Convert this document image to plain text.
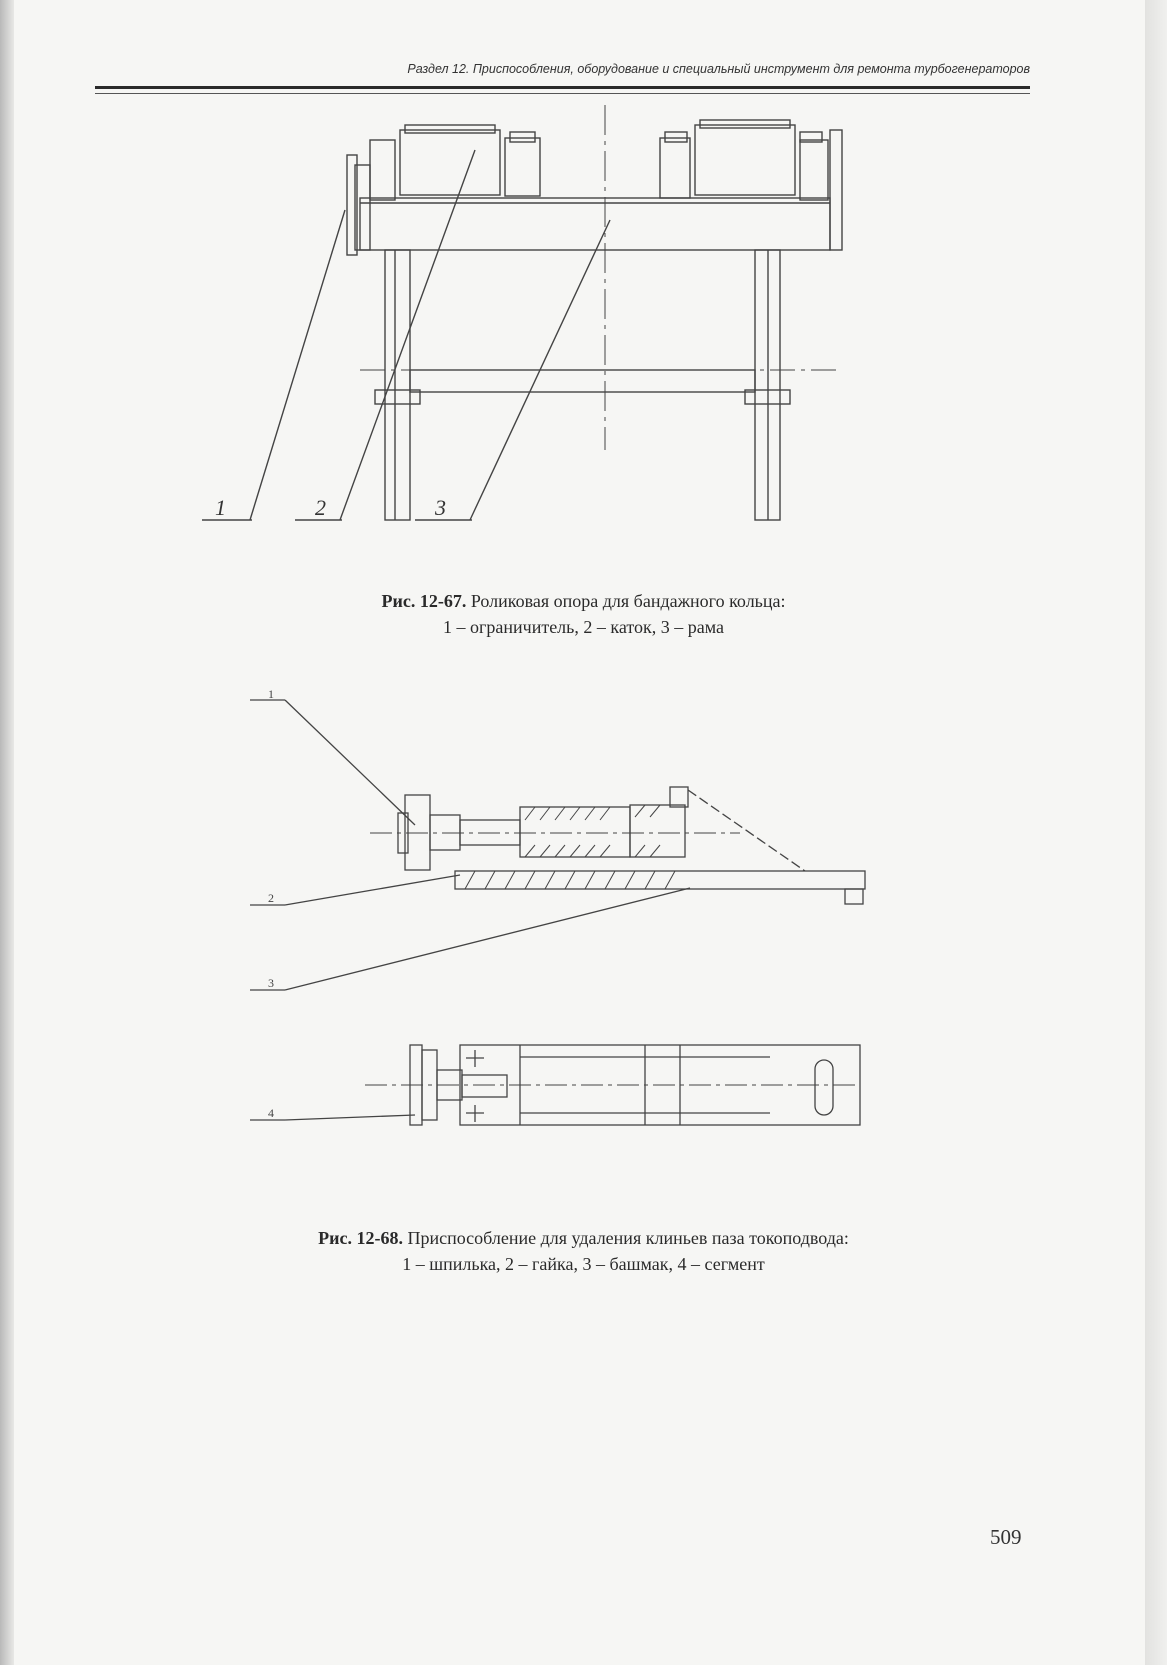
Раздел 12. Приспособления, оборудование и специальный инструмент для ремонта турбогенераторов
1	2	3
Рис. 12-67. Роликовая опора для бандажного кольца:
1 – ограничитель, 2 – каток, 3 – рама
1
2
3
4
Рис. 12-68. Приспособление для удаления клиньев паза токоподвода:
1 – шпилька, 2 – гайка, 3 – башмак, 4 – сегмент
509
